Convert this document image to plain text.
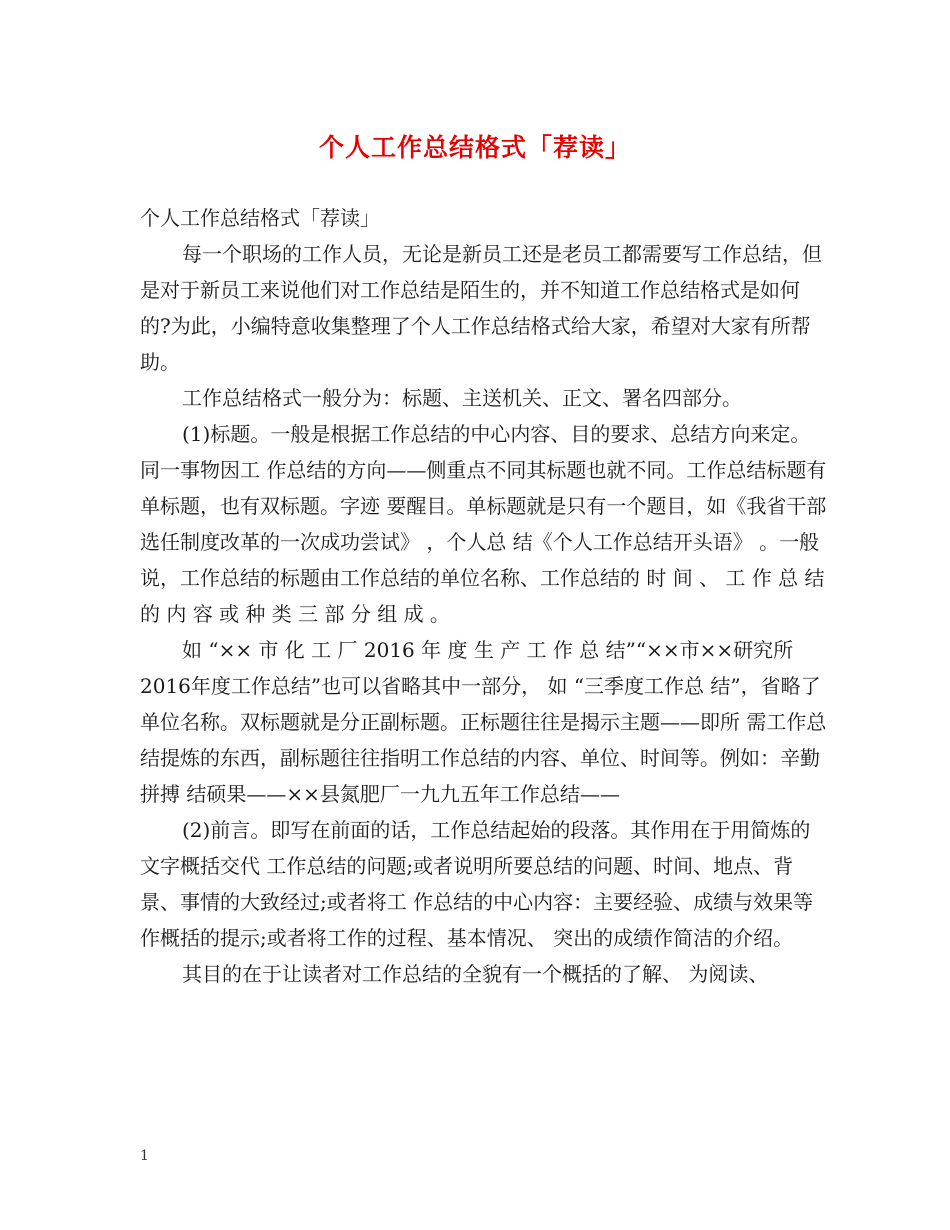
个人工作总结格式「荐读」

个人工作总结格式「荐读」

每一个职场的工作人员，无论是新员工还是老员工都需要写工作总结，但是对于新员工来说他们对工作总结是陌生的，并不知道工作总结格式是如何的?为此，小编特意收集整理了个人工作总结格式给大家，希望对大家有所帮助。

工作总结格式一般分为：标题、主送机关、正文、署名四部分。

(1)标题。一般是根据工作总结的中心内容、目的要求、总结方向来定。同一事物因工 作总结的方向——侧重点不同其标题也就不同。工作总结标题有单标题，也有双标题。字迹 要醒目。单标题就是只有一个题目，如《我省干部选任制度改革的一次成功尝试》 ，个人总 结《个人工作总结开头语》 。一般说，工作总结的标题由工作总结的单位名称、工作总结的 时 间 、 工 作 总 结 的 内 容 或 种 类 三 部 分 组 成 。

如 “×× 市 化 工 厂 2016 年 度 生 产 工 作 总 结”“××市××研究所2016年度工作总结”也可以省略其中一部分， 如 “三季度工作总 结”，省略了单位名称。双标题就是分正副标题。正标题往往是揭示主题——即所 需工作总结提炼的东西，副标题往往指明工作总结的内容、单位、时间等。例如：辛勤拼搏 结硕果——××县氮肥厂一九九五年工作总结——

(2)前言。即写在前面的话，工作总结起始的段落。其作用在于用简炼的文字概括交代 工作总结的问题;或者说明所要总结的问题、时间、地点、背景、事情的大致经过;或者将工 作总结的中心内容：主要经验、成绩与效果等作概括的提示;或者将工作的过程、基本情况、 突出的成绩作简洁的介绍。

其目的在于让读者对工作总结的全貌有一个概括的了解、 为阅读、

1
